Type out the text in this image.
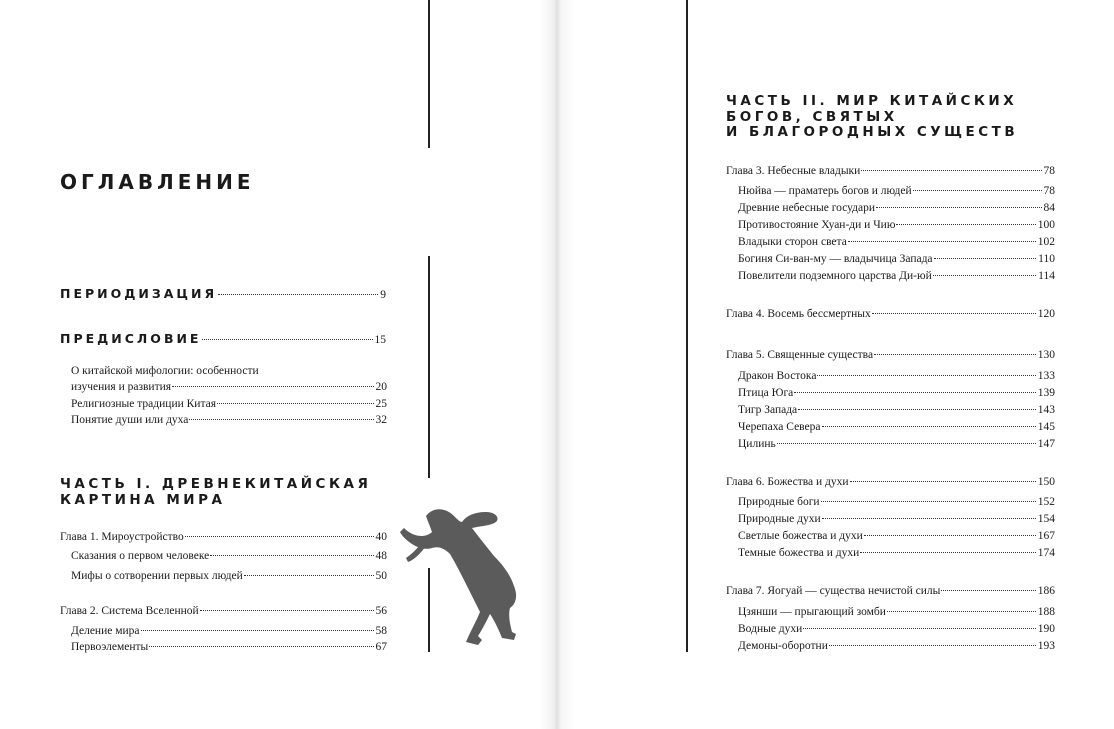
ОГЛАВЛЕНИЕ
ПЕРИОДИЗАЦИЯ	9
ПРЕДИСЛОВИЕ	15
О китайской мифологии: особенности
изучения и развития	20
Религиозные традиции Китая	25
Понятие души или духа	32
ЧАСТЬ I. ДРЕВНЕКИТАЙСКАЯ
КАРТИНА МИРА
Глава 1. Мироустройство	40
Сказания о первом человеке	48
Мифы о сотворении первых людей	50
Глава 2. Система Вселенной	56
Деление мира	58
Первоэлементы	67
ЧАСТЬ II. МИР КИТАЙСКИХ
БОГОВ, СВЯТЫХ
И БЛАГОРОДНЫХ СУЩЕСТВ
Глава 3. Небесные владыки	78
Нюйва — праматерь богов и людей	78
Древние небесные государи	84
Противостояние Хуан-ди и Чию	100
Владыки сторон света	102
Богиня Си-ван-му — владычица Запада	110
Повелители подземного царства Ди-юй	114
Глава 4. Восемь бессмертных	120
Глава 5. Священные существа	130
Дракон Востока	133
Птица Юга	139
Тигр Запада	143
Черепаха Севера	145
Цилинь	147
Глава 6. Божества и духи	150
Природные боги	152
Природные духи	154
Светлые божества и духи	167
Темные божества и духи	174
Глава 7. Яогуай — существа нечистой силы	186
Цзянши — прыгающий зомби	188
Водные духи	190
Демоны-оборотни	193
